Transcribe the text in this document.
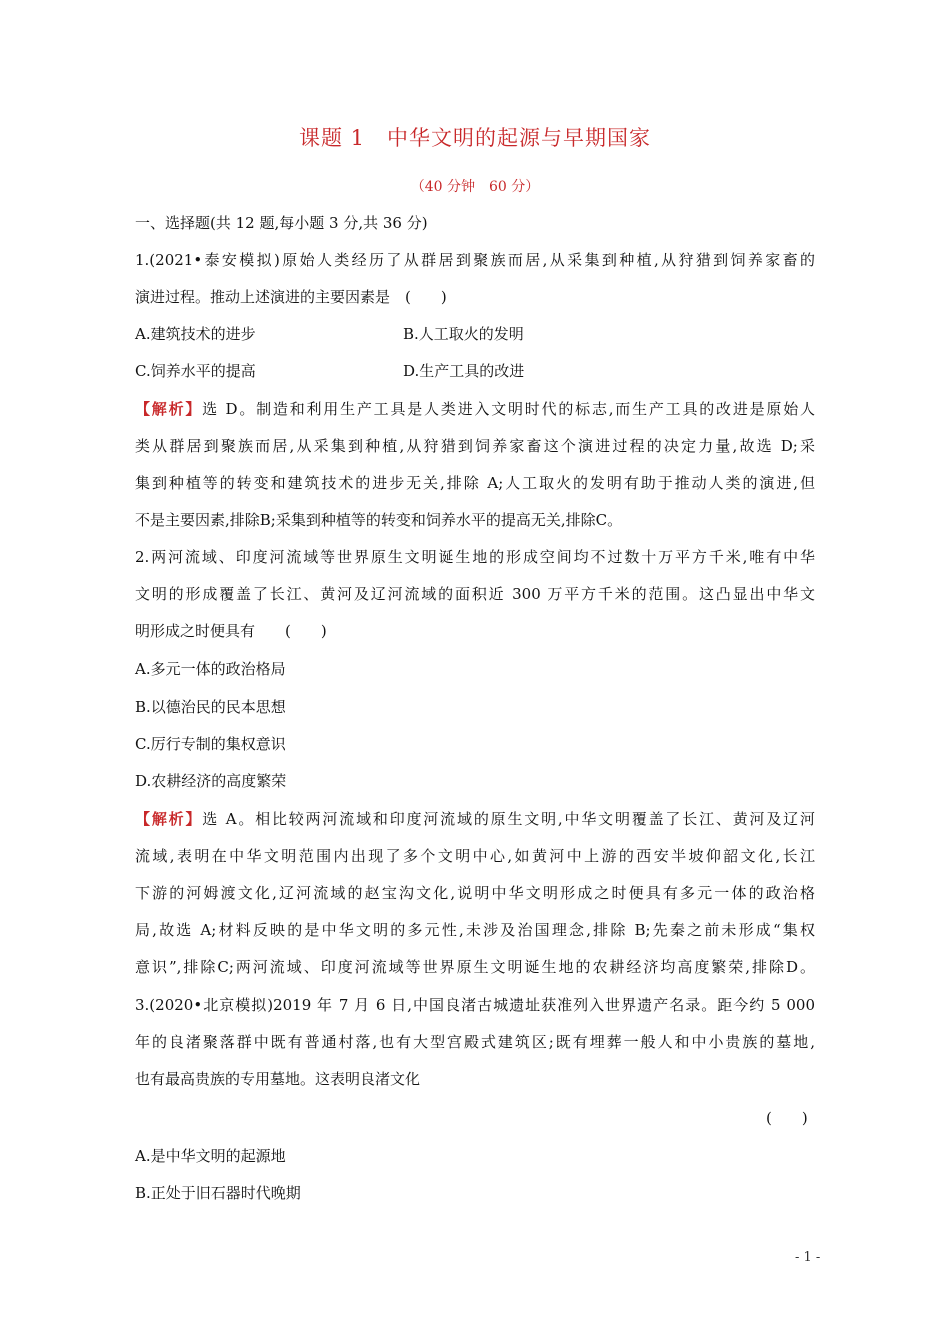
课题 1　中华文明的起源与早期国家
（40 分钟　60 分）
一、选择题(共 12 题,每小题 3 分,共 36 分)
1.(2021•泰安模拟)原始人类经历了从群居到聚族而居,从采集到种植,从狩猎到饲养家畜的
演进过程。推动上述演进的主要因素是　(　　)
A.建筑技术的进步	B.人工取火的发明
C.饲养水平的提高	D.生产工具的改进
【解析】选 D。制造和利用生产工具是人类进入文明时代的标志,而生产工具的改进是原始人
类从群居到聚族而居,从采集到种植,从狩猎到饲养家畜这个演进过程的决定力量,故选 D;采
集到种植等的转变和建筑技术的进步无关,排除 A;人工取火的发明有助于推动人类的演进,但
不是主要因素,排除B;采集到种植等的转变和饲养水平的提高无关,排除C。
2.两河流域、印度河流域等世界原生文明诞生地的形成空间均不过数十万平方千米,唯有中华
文明的形成覆盖了长江、黄河及辽河流域的面积近 300 万平方千米的范围。这凸显出中华文
明形成之时便具有　　(　　)
A.多元一体的政治格局
B.以德治民的民本思想
C.厉行专制的集权意识
D.农耕经济的高度繁荣
【解析】选 A。相比较两河流域和印度河流域的原生文明,中华文明覆盖了长江、黄河及辽河
流域,表明在中华文明范围内出现了多个文明中心,如黄河中上游的西安半坡仰韶文化,长江
下游的河姆渡文化,辽河流域的赵宝沟文化,说明中华文明形成之时便具有多元一体的政治格
局,故选 A;材料反映的是中华文明的多元性,未涉及治国理念,排除 B;先秦之前未形成“集权
意识”,排除C;两河流域、印度河流域等世界原生文明诞生地的农耕经济均高度繁荣,排除D。
3.(2020•北京模拟)2019 年 7 月 6 日,中国良渚古城遗址获准列入世界遗产名录。距今约 5 000
年的良渚聚落群中既有普通村落,也有大型宫殿式建筑区;既有埋葬一般人和中小贵族的墓地,
也有最高贵族的专用墓地。这表明良渚文化
(　　)
A.是中华文明的起源地
B.正处于旧石器时代晚期
- 1 -
